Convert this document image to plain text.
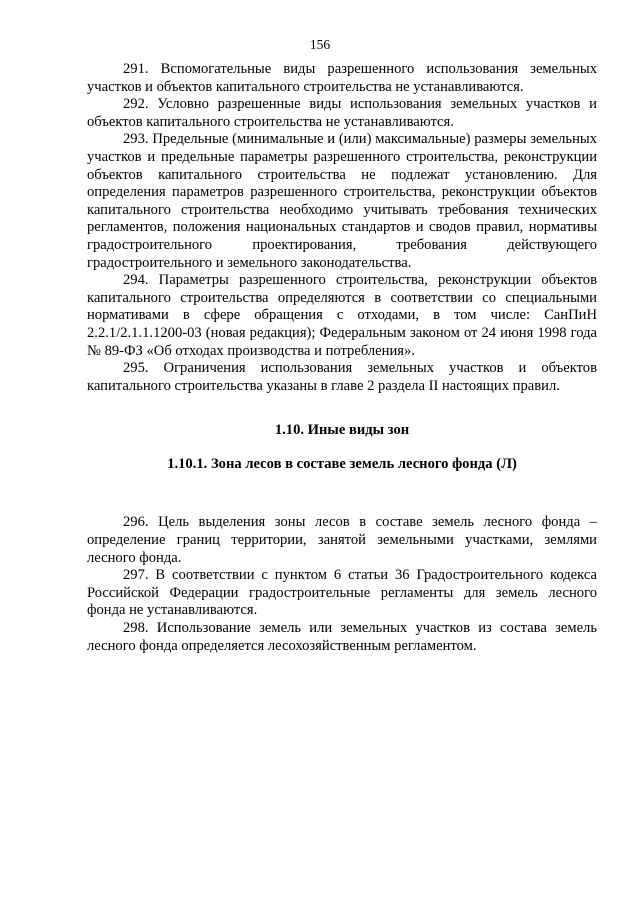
156

291. Вспомогательные виды разрешенного использования земельных участков и объектов капитального строительства не устанавливаются.

292. Условно разрешенные виды использования земельных участков и объектов капитального строительства не устанавливаются.

293. Предельные (минимальные и (или) максимальные) размеры земельных участков и предельные параметры разрешенного строительства, реконструкции объектов капитального строительства не подлежат установлению. Для определения параметров разрешенного строительства, реконструкции объектов капитального строительства необходимо учитывать требования технических регламентов, положения национальных стандартов и сводов правил, нормативы градостроительного проектирования, требования действующего градостроительного и земельного законодательства.

294. Параметры разрешенного строительства, реконструкции объектов капитального строительства определяются в соответствии со специальными нормативами в сфере обращения с отходами, в том числе: СанПиН 2.2.1/2.1.1.1200-03 (новая редакция); Федеральным законом от 24 июня 1998 года № 89-ФЗ «Об отходах производства и потребления».

295. Ограничения использования земельных участков и объектов капитального строительства указаны в главе 2 раздела II настоящих правил.

1.10. Иные виды зон

1.10.1. Зона лесов в составе земель лесного фонда (Л)

296. Цель выделения зоны лесов в составе земель лесного фонда – определение границ территории, занятой земельными участками, землями лесного фонда.

297. В соответствии с пунктом 6 статьи 36 Градостроительного кодекса Российской Федерации градостроительные регламенты для земель лесного фонда не устанавливаются.

298. Использование земель или земельных участков из состава земель лесного фонда определяется лесохозяйственным регламентом.
